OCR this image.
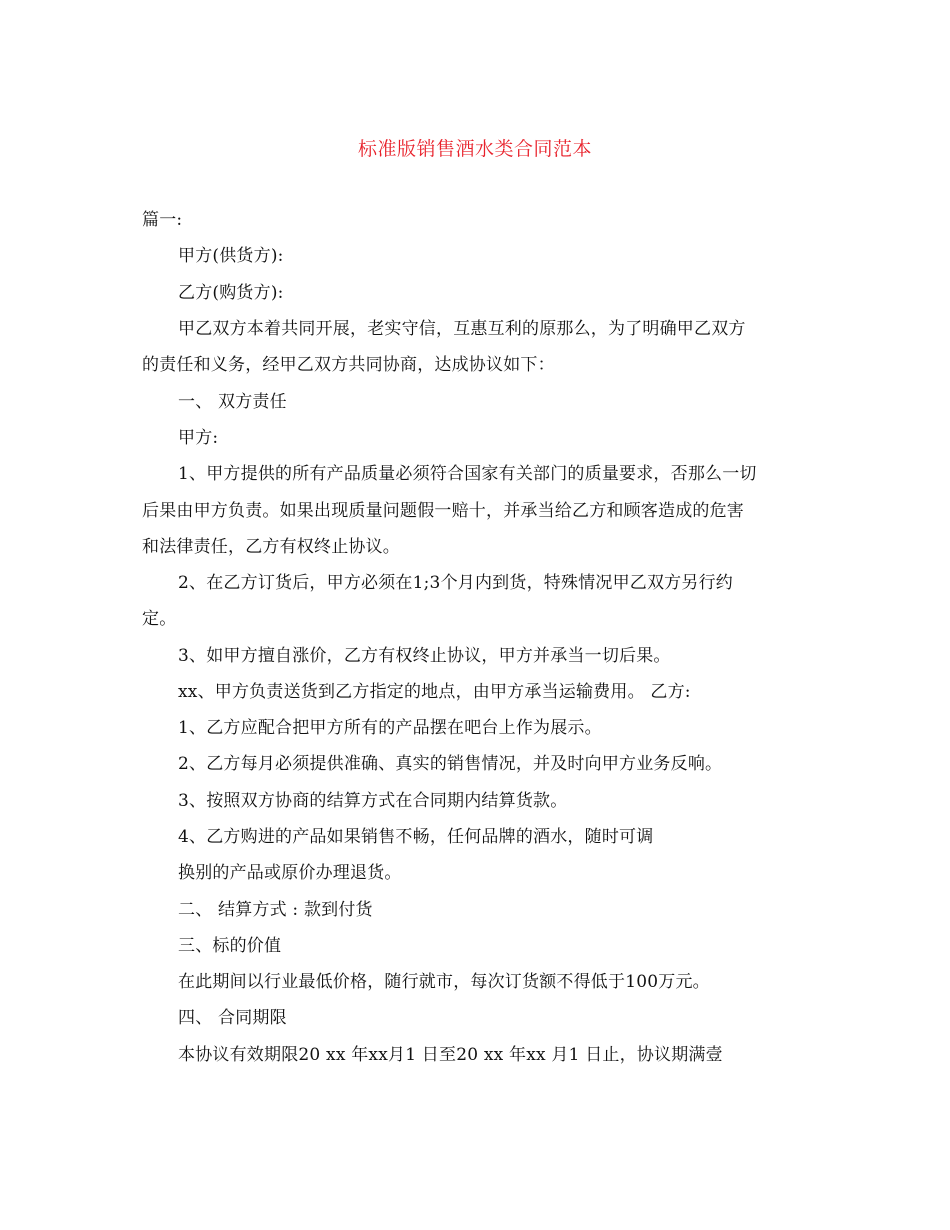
标准版销售酒水类合同范本
篇一:
甲方(供货方):
乙方(购货方):
甲乙双方本着共同开展，老实守信，互惠互利的原那么，为了明确甲乙双方
的责任和义务，经甲乙双方共同协商，达成协议如下：
一、 双方责任
甲方:
1、甲方提供的所有产品质量必须符合国家有关部门的质量要求，否那么一切
后果由甲方负责。如果出现质量问题假一赔十，并承当给乙方和顾客造成的危害
和法律责任，乙方有权终止协议。
2、在乙方订货后，甲方必须在1;3个月内到货，特殊情况甲乙双方另行约
定。
3、如甲方擅自涨价，乙方有权终止协议，甲方并承当一切后果。
xx、甲方负责送货到乙方指定的地点，由甲方承当运输费用。 乙方:
1、乙方应配合把甲方所有的产品摆在吧台上作为展示。
2、乙方每月必须提供准确、真实的销售情况，并及时向甲方业务反响。
3、按照双方协商的结算方式在合同期内结算货款。
4、乙方购进的产品如果销售不畅，任何品牌的酒水，随时可调
换别的产品或原价办理退货。
二、 结算方式 : 款到付货
三、标的价值
在此期间以行业最低价格，随行就市，每次订货额不得低于100万元。
四、 合同期限
本协议有效期限20 xx 年xx月1 日至20 xx 年xx 月1 日止，协议期满壹
